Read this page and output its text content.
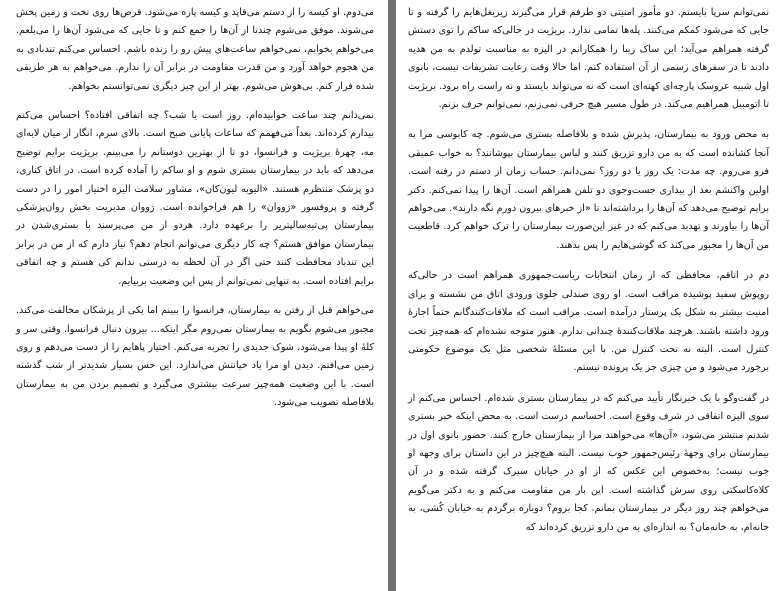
می‌دوم. او کیسه را از دستم می‌قاپد و کیسه پاره می‌شود. قرص‌ها روی تخت و زمین پخش می‌شوند. موفق می‌شوم چندتا از آن‌ها را جمع کنم و تا جایی که می‌شود آن‌ها را می‌بلعم. می‌خواهم بخوابم، نمی‌خواهم ساعت‌های پیش رو را زنده باشم. احساس می‌کنم تندبادی به من هجوم خواهد آورد و من قدرت مقاومت در برابر آن را ندارم. می‌خواهم به هر طریقی شده فرار کنم. بی‌هوش می‌شوم. بهتر از این چیز دیگری نمی‌توانستم بخواهم.

نمی‌دانم چند ساعت خوابیده‌ام. روز است یا شب؟ چه اتفاقی افتاده؟ احساس می‌کنم بیدارم کرده‌اند. بعداً می‌فهمم که ساعات پایانی صبح است. بالای سرم، انگار از میان لایه‌ای مه، چهرهٔ بریژیت و فرانسوا، دو تا از بهترین دوستانم را می‌بینم. بریژیت برایم توضیح می‌دهد که باید در بیمارستان بستری شوم و او ساکم را آماده کرده است. در اتاق کناری، دو پزشک منتظرم هستند. «الیویه لیون‌کان»، مشاور سلامت الیزه اختیار امور را در دست گرفته و پروفسور «ژووان» را هم فراخوانده است. ژووان مدیریت بخش روان‌پزشکی بیمارستان پی‌تیه‌سالپتریر را برعهده دارد. هردو از من می‌پرسند با بستری‌شدن در بیمارستان موافق هستم؟ چه کار دیگری می‌توانم انجام دهم؟ نیاز دارم که از من در برابر این تندباد محافظت کنند حتی اگر در آن لحظه به درستی ندانم کی هستم و چه اتفاقی برایم افتاده است. به تنهایی نمی‌توانم از پس این وضعیت بربیایم.

می‌خواهم قبل از رفتن به بیمارستان، فرانسوا را ببینم اما یکی از پزشکان مخالفت می‌کند. مجبور می‌شوم بگویم به بیمارستان نمی‌روم مگر اینکه... بیرون دنبال فرانسوا. وقتی سر و کلهٔ او پیدا می‌شود، شوک جدیدی را تجربه می‌کنم. اختیار پاهایم را از دست می‌دهم و روی زمین می‌افتم. دیدن او مرا یاد خیانتش می‌اندازد. این حس بسیار شدیدتر از شب گذشته است. با این وضعیت همه‌چیز سرعت بیشتری می‌گیرد و تصمیم بردن من به بیمارستان بلافاصله تصویب می‌شود.

نمی‌توانم سرپا بایستم. دو مأمور امنیتی دو طرفم قرار می‌گیرند زیربغل‌هایم را گرفته و تا جایی که می‌شود کمکم می‌کنند. پله‌ها تمامی ندارد. بریژیت در حالی‌که ساکم را توی دستش گرفته همراهم می‌آید؛ این ساک زیبا را همکارانم در الیزه به مناسبت تولدم به من هدیه دادند تا در سفرهای رسمی از آن استفاده کنم. اما حالا وقت رعایت تشریفات نیست، بانوی اول شبیه عروسک پارچه‌ای کهنه‌ای است که نه می‌تواند بایستد و نه راست راه برود. بریژیت تا اتومبیل همراهیم می‌کند. در طول مسیر هیچ حرفی نمی‌زنم، نمی‌توانم حرف بزنم.

به محض ورود به بیمارستان، پذیرش شده و بلافاصله بستری می‌شوم. چه کابوسی مرا به آنجا کشانده است که به من دارو تزریق کنند و لباس بیمارستان بپوشانند؟ به خواب عمیقی فرو می‌روم. چه مدت: یک روز یا دو روز؟ نمی‌دانم. حساب زمان از دستم در رفته است. اولین واکنشم بعد از بیداری جست‌وجوی دو تلفن همراهم است. آن‌ها را پیدا نمی‌کنم. دکتر برایم توضیح می‌دهد که آن‌ها را برداشته‌اند تا «از خبرهای بیرون دورم نگه دارند». می‌خواهم آن‌ها را بیاورند و تهدید می‌کنم که در غیر این‌صورت بیمارستان را ترک خواهم کرد. قاطعیت من آن‌ها را مجبور می‌کند که گوشی‌هایم را پس بدهند.

دم در اتاقم، محافظی که از زمان انتخابات ریاست‌جمهوری همراهم است در حالی‌که روپوش سفید پوشیده مراقب است. او روی صندلی جلوی ورودی اتاق من نشسته و برای امنیت بیشتر به شکل یک پرستار درآمده است. مراقب است که ملاقات‌کنندگانم حتماً اجازهٔ ورود داشته باشند. هرچند ملاقات‌کنندهٔ چندانی ندارم. هنوز متوجه نشده‌ام که همه‌چیز تحت کنترل است. البته نه تحت کنترل من. با این مسئلهٔ شخصی مثل یک موضوع حکومتی برخورد می‌شود و من چیزی جز یک پرونده نیستم.

در گفت‌وگو با یک خبرنگار تأیید می‌کنم که در بیمارستان بستری شده‌ام. احساس می‌کنم از سوی الیزه اتفاقی در شرف وقوع است. احساسم درست است. به محض اینکه خبر بستری شدنم منتشر می‌شود، «آن‌ها» می‌خواهند مرا از بیمارستان خارج کنند. حضور بانوی اول در بیمارستان برای وجههٔ رئیس‌جمهور خوب نیست. البته هیچ‌چیز در این داستان برای وجهه او خوب نیست؛ به‌خصوص این عکس که از او در خیابان سیرک گرفته شده و در آن کلاه‌کاسکتی روی سرش گذاشته است. این بار من مقاومت می‌کنم و به دکتر می‌گویم می‌خواهم چند روز دیگر در بیمارستان بمانم. کجا بروم؟ دوباره برگردم به خیابان کُشی، به خانه‌ام، به خانه‌مان؟ به اندازه‌ای به من دارو تزریق کرده‌اند که
